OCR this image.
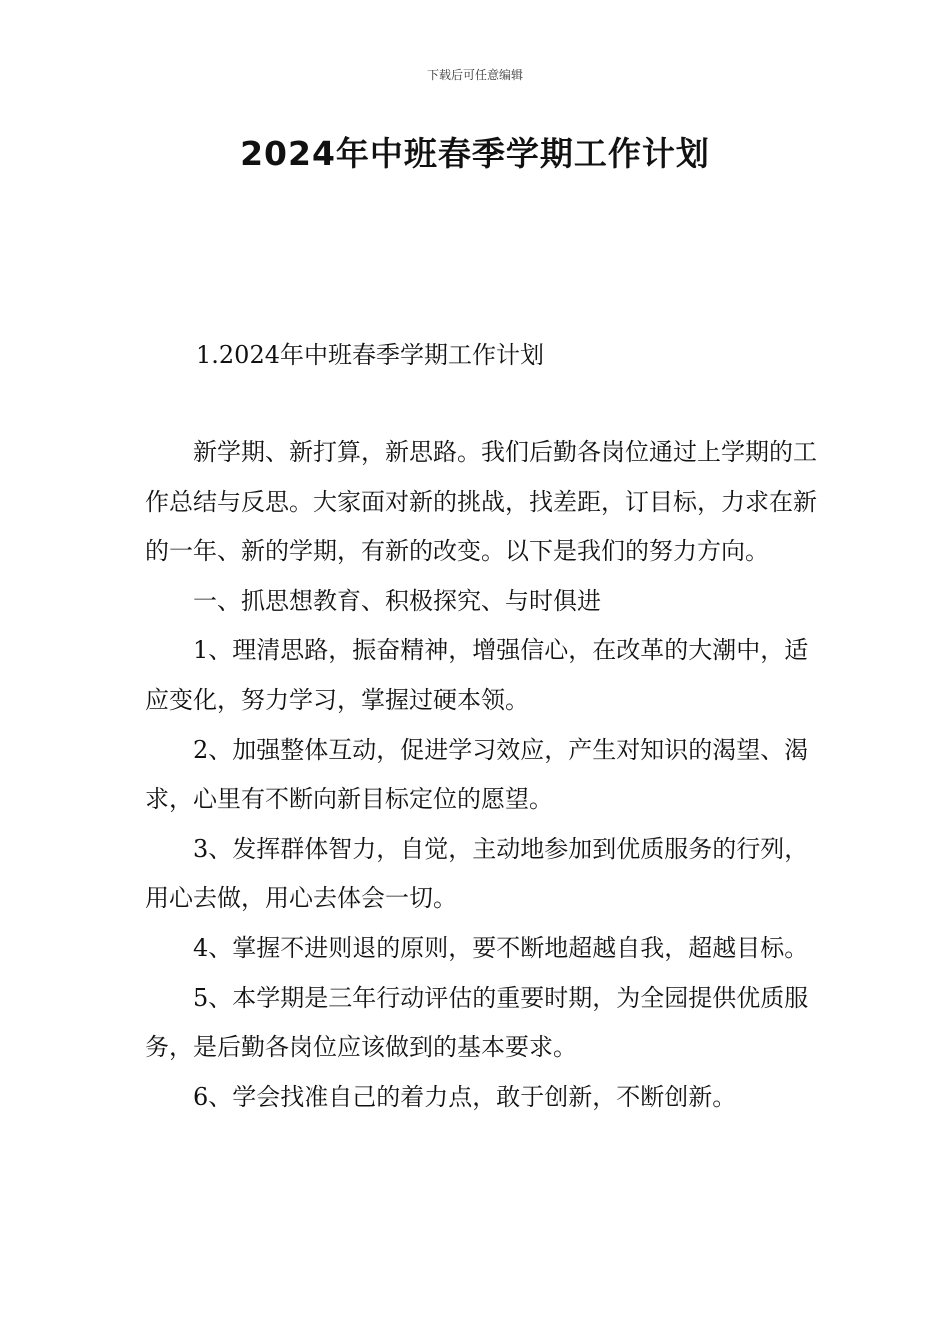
下载后可任意编辑
2024年中班春季学期工作计划
1.2024年中班春季学期工作计划

新学期、新打算，新思路。我们后勤各岗位通过上学期的工作总结与反思。大家面对新的挑战，找差距，订目标，力求在新的一年、新的学期，有新的改变。以下是我们的努力方向。

一、抓思想教育、积极探究、与时俱进

1、理清思路，振奋精神，增强信心，在改革的大潮中，适应变化，努力学习，掌握过硬本领。

2、加强整体互动，促进学习效应，产生对知识的渴望、渴求，心里有不断向新目标定位的愿望。

3、发挥群体智力，自觉，主动地参加到优质服务的行列，用心去做，用心去体会一切。

4、掌握不进则退的原则，要不断地超越自我，超越目标。

5、本学期是三年行动评估的重要时期，为全园提供优质服务，是后勤各岗位应该做到的基本要求。

6、学会找准自己的着力点，敢于创新，不断创新。
